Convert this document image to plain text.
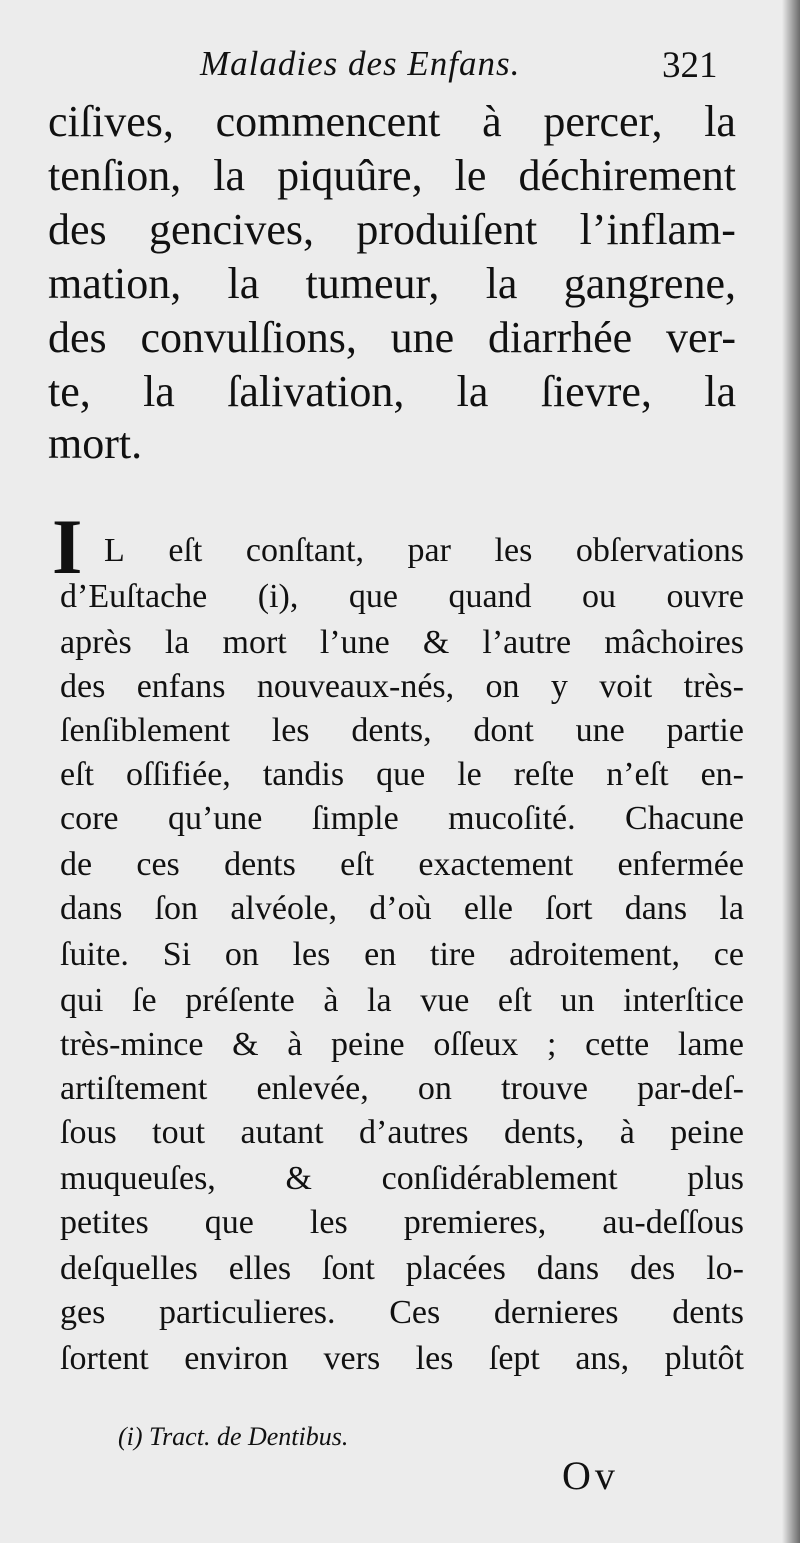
Maladies des Enfans.	321
ciſives, commencent à percer, la
tenſion, la piquûre, le déchirement
des gencives, produiſent l’inflam-
mation, la tumeur, la gangrene,
des convulſions, une diarrhée ver-
te, la ſalivation, la ſievre, la
mort.
I L eſt conſtant, par les obſervations
d’Euſtache (i), que quand ou ouvre
après la mort l’une & l’autre mâchoires
des enfans nouveaux-nés, on y voit très-
ſenſiblement les dents, dont une partie
eſt oſſifiée, tandis que le reſte n’eſt en-
core qu’une ſimple mucoſité. Chacune
de ces dents eſt exactement enfermée
dans ſon alvéole, d’où elle ſort dans la
ſuite. Si on les en tire adroitement, ce
qui ſe préſente à la vue eſt un interſtice
très-mince & à peine oſſeux ; cette lame
artiſtement enlevée, on trouve par-deſ-
ſous tout autant d’autres dents, à peine
muqueuſes, & conſidérablement plus
petites que les premieres, au-deſſous
deſquelles elles ſont placées dans des lo-
ges particulieres. Ces dernieres dents
ſortent environ vers les ſept ans, plutôt
(i) Tract. de Dentibus.
Ov
